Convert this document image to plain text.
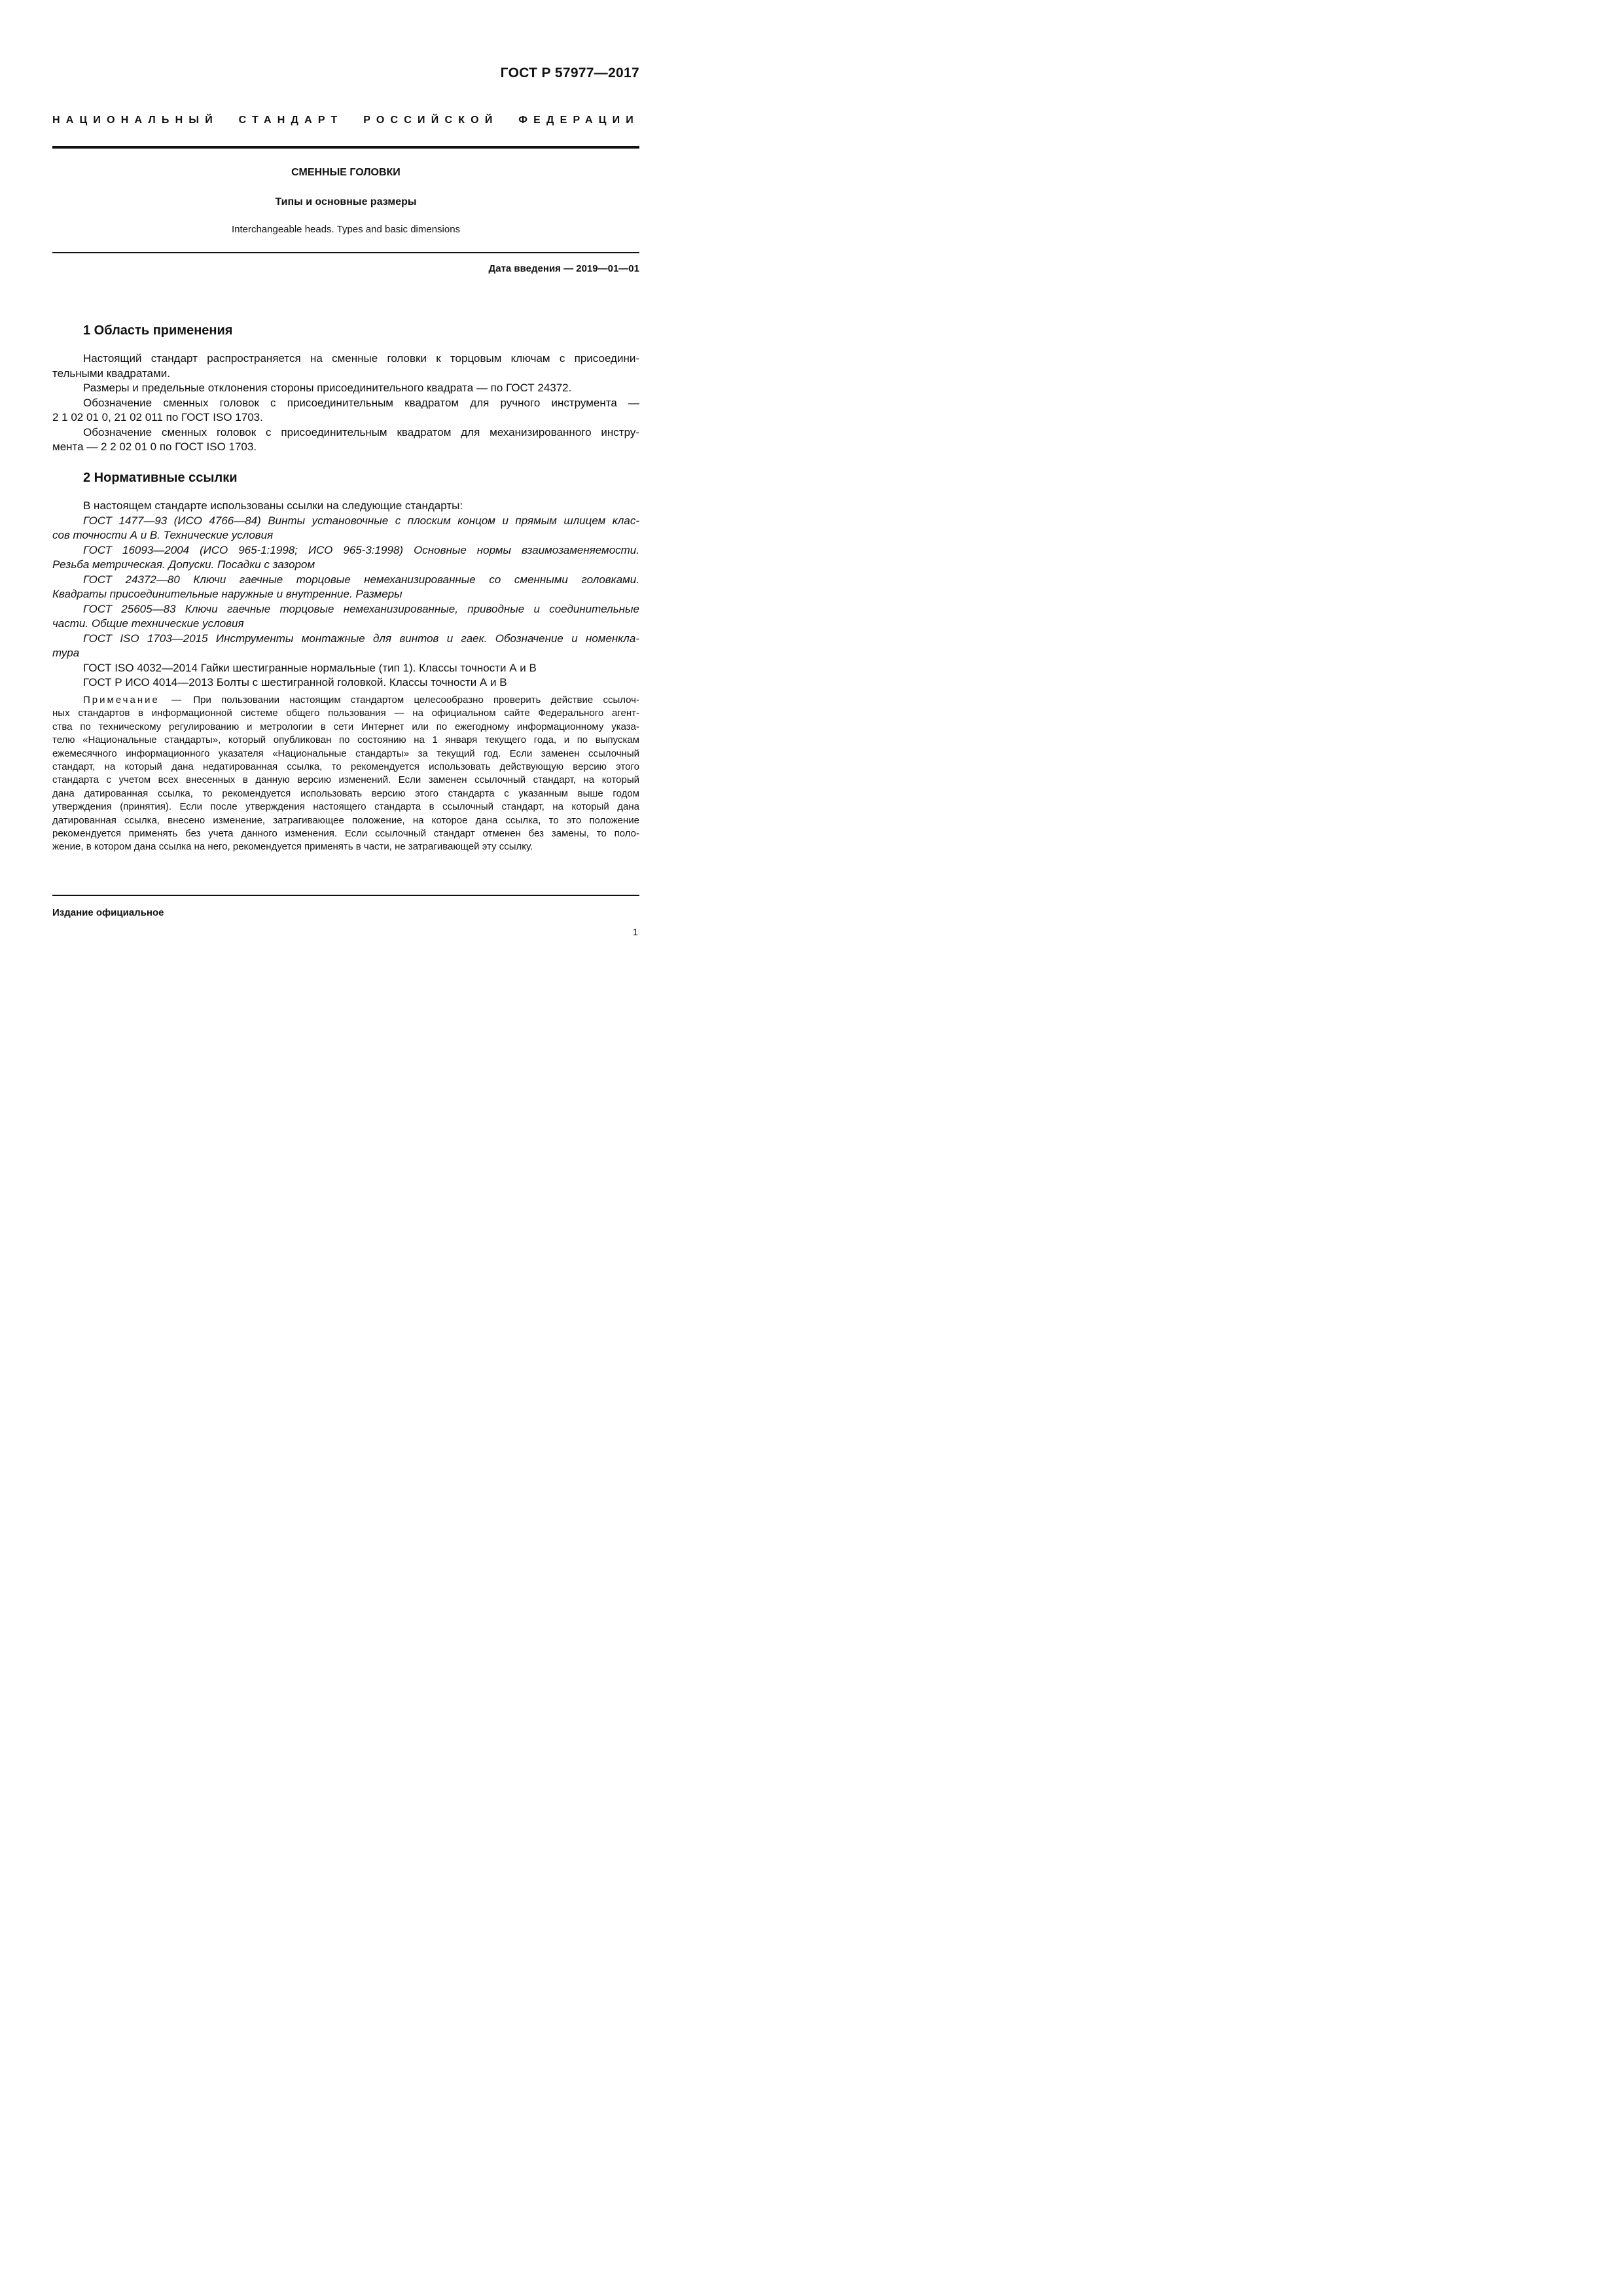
ГОСТ Р 57977—2017
НАЦИОНАЛЬНЫЙ СТАНДАРТ РОССИЙСКОЙ ФЕДЕРАЦИИ
СМЕННЫЕ ГОЛОВКИ
Типы и основные размеры
Interchangeable heads. Types and basic dimensions
Дата введения — 2019—01—01
1 Область применения
Настоящий стандарт распространяется на сменные головки к торцовым ключам с присоедини-
тельными квадратами.
Размеры и предельные отклонения стороны присоединительного квадрата — по ГОСТ 24372.
Обозначение сменных головок с присоединительным квадратом для ручного инструмента —
2 1 02 01 0, 21 02 011 по ГОСТ ISO 1703.
Обозначение сменных головок с присоединительным квадратом для механизированного инстру-
мента — 2 2 02 01 0 по ГОСТ ISO 1703.
2 Нормативные ссылки
В настоящем стандарте использованы ссылки на следующие стандарты:
ГОСТ 1477—93 (ИСО 4766—84) Винты установочные с плоским концом и прямым шлицем клас-
сов точности А и В. Технические условия
ГОСТ 16093—2004 (ИСО 965-1:1998; ИСО 965-3:1998) Основные нормы взаимозаменяемости.
Резьба метрическая. Допуски. Посадки с зазором
ГОСТ 24372—80 Ключи гаечные торцовые немеханизированные со сменными головками.
Квадраты присоединительные наружные и внутренние. Размеры
ГОСТ 25605—83 Ключи гаечные торцовые немеханизированные, приводные и соединительные
части. Общие технические условия
ГОСТ ISO 1703—2015 Инструменты монтажные для винтов и гаек. Обозначение и номенкла-
тура
ГОСТ ISO 4032—2014 Гайки шестигранные нормальные (тип 1). Классы точности А и В
ГОСТ Р ИСО 4014—2013 Болты с шестигранной головкой. Классы точности А и В
Примечание — При пользовании настоящим стандартом целесообразно проверить действие ссылоч-
ных стандартов в информационной системе общего пользования — на официальном сайте Федерального агент-
ства по техническому регулированию и метрологии в сети Интернет или по ежегодному информационному указа-
телю «Национальные стандарты», который опубликован по состоянию на 1 января текущего года, и по выпускам
ежемесячного информационного указателя «Национальные стандарты» за текущий год. Если заменен ссылочный
стандарт, на который дана недатированная ссылка, то рекомендуется использовать действующую версию этого
стандарта с учетом всех внесенных в данную версию изменений. Если заменен ссылочный стандарт, на который
дана датированная ссылка, то рекомендуется использовать версию этого стандарта с указанным выше годом
утверждения (принятия). Если после утверждения настоящего стандарта в ссылочный стандарт, на который дана
датированная ссылка, внесено изменение, затрагивающее положение, на которое дана ссылка, то это положение
рекомендуется применять без учета данного изменения. Если ссылочный стандарт отменен без замены, то поло-
жение, в котором дана ссылка на него, рекомендуется применять в части, не затрагивающей эту ссылку.
Издание официальное
1
